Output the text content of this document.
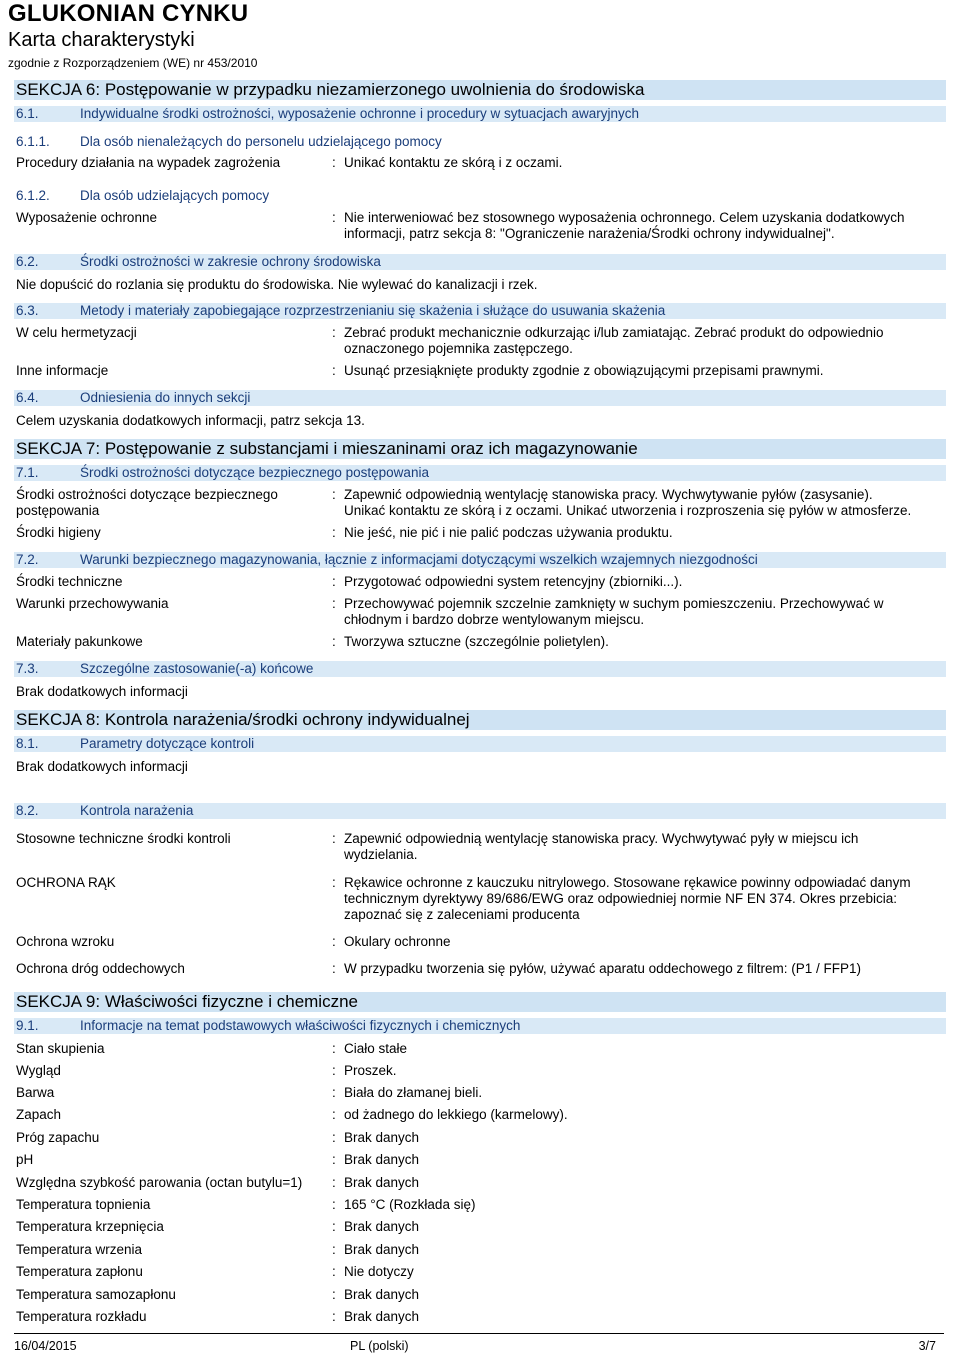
GLUKONIAN CYNKU
Karta charakterystyki
zgodnie z Rozporządzeniem (WE) nr 453/2010
SEKCJA 6: Postępowanie w przypadku niezamierzonego uwolnienia do środowiska
6.1.	Indywidualne środki ostrożności, wyposażenie ochronne i procedury w sytuacjach awaryjnych
6.1.1. Dla osób nienależących do personelu udzielającego pomocy
Procedury działania na wypadek zagrożenia	: Unikać kontaktu ze skórą i z oczami.
6.1.2. Dla osób udzielających pomocy
Wyposażenie ochronne	: Nie interweniować bez stosownego wyposażenia ochronnego. Celem uzyskania dodatkowych
informacji, patrz sekcja 8: "Ograniczenie narażenia/Środki ochrony indywidualnej".
6.2.	Środki ostrożności w zakresie ochrony środowiska
Nie dopuścić do rozlania się produktu do środowiska. Nie wylewać do kanalizacji i rzek.
6.3.	Metody i materiały zapobiegające rozprzestrzenianiu się skażenia i służące do usuwania skażenia
W celu hermetyzacji	: Zebrać produkt mechanicznie odkurzając i/lub zamiatając. Zebrać produkt do odpowiednio
oznaczonego pojemnika zastępczego.
Inne informacje	: Usunąć przesiąknięte produkty zgodnie z obowiązującymi przepisami prawnymi.
6.4.	Odniesienia do innych sekcji
Celem uzyskania dodatkowych informacji, patrz sekcja 13.
SEKCJA 7: Postępowanie z substancjami i mieszaninami oraz ich magazynowanie
7.1.	Środki ostrożności dotyczące bezpiecznego postępowania
Środki ostrożności dotyczące bezpiecznego
postępowania
: Zapewnić odpowiednią wentylację stanowiska pracy. Wychwytywanie pyłów (zasysanie).
Unikać kontaktu ze skórą i z oczami. Unikać utworzenia i rozproszenia się pyłów w atmosferze.
Środki higieny	: Nie jeść, nie pić i nie palić podczas używania produktu.
7.2.	Warunki bezpiecznego magazynowania, łącznie z informacjami dotyczącymi wszelkich wzajemnych niezgodności
Środki techniczne	: Przygotować odpowiedni system retencyjny (zbiorniki...).
Warunki przechowywania	: Przechowywać pojemnik szczelnie zamknięty w suchym pomieszczeniu. Przechowywać w
chłodnym i bardzo dobrze wentylowanym miejscu.
Materiały pakunkowe	: Tworzywa sztuczne (szczególnie polietylen).
7.3.	Szczególne zastosowanie(-a) końcowe
Brak dodatkowych informacji
SEKCJA 8: Kontrola narażenia/środki ochrony indywidualnej
8.1.	Parametry dotyczące kontroli
Brak dodatkowych informacji
8.2.	Kontrola narażenia
Stosowne techniczne środki kontroli	: Zapewnić odpowiednią wentylację stanowiska pracy. Wychwytywać pyły w miejscu ich
wydzielania.
OCHRONA RĄK	: Rękawice ochronne z kauczuku nitrylowego. Stosowane rękawice powinny odpowiadać danym
technicznym dyrektywy 89/686/EWG oraz odpowiedniej normie NF EN 374. Okres przebicia:
zapoznać się z zaleceniami producenta
Ochrona wzroku	: Okulary ochronne
Ochrona dróg oddechowych	: W przypadku tworzenia się pyłów, używać aparatu oddechowego z filtrem: (P1 / FFP1)
SEKCJA 9: Właściwości fizyczne i chemiczne
9.1.	Informacje na temat podstawowych właściwości fizycznych i chemicznych
Stan skupienia	: Ciało stałe
Wygląd	: Proszek.
Barwa	: Biała do złamanej bieli.
Zapach	: od żadnego do lekkiego (karmelowy).
Próg zapachu	: Brak danych
pH	: Brak danych
Względna szybkość parowania (octan butylu=1)	: Brak danych
Temperatura topnienia	: 165 °C (Rozkłada się)
Temperatura krzepnięcia	: Brak danych
Temperatura wrzenia	: Brak danych
Temperatura zapłonu	: Nie dotyczy
Temperatura samozapłonu	: Brak danych
Temperatura rozkładu	: Brak danych
16/04/2015	PL (polski)	3/7
